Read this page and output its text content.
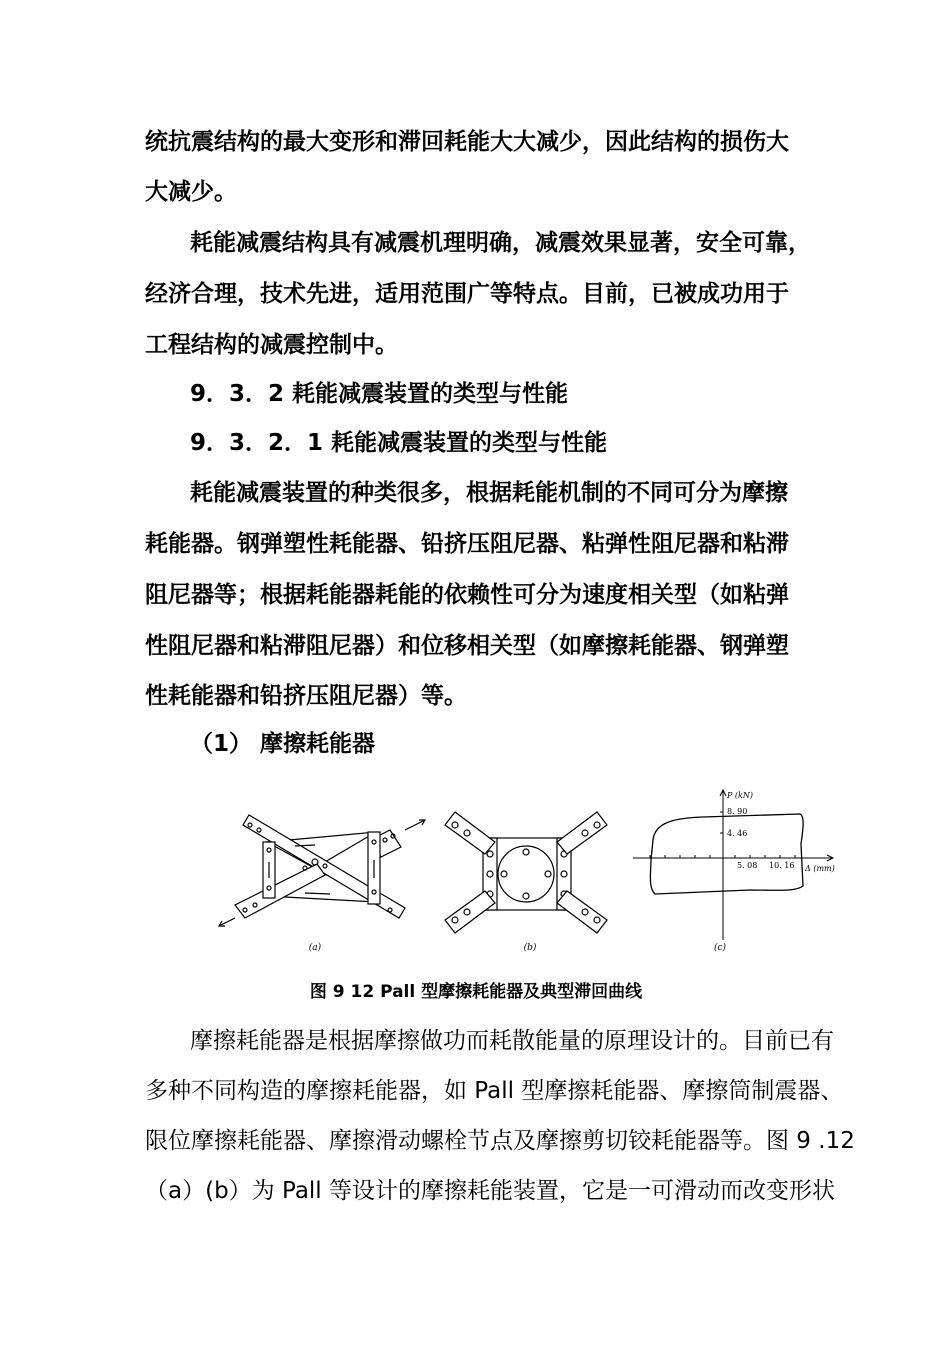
统抗震结构的最大变形和滞回耗能大大减少，因此结构的损伤大
大减少。
耗能减震结构具有减震机理明确，减震效果显著，安全可靠，
经济合理，技术先进，适用范围广等特点。目前，已被成功用于
工程结构的减震控制中。
9．3．2 耗能减震装置的类型与性能
9．3．2．1 耗能减震装置的类型与性能
耗能减震装置的种类很多，根据耗能机制的不同可分为摩擦
耗能器。钢弹塑性耗能器、铅挤压阻尼器、粘弹性阻尼器和粘滞
阻尼器等；根据耗能器耗能的依赖性可分为速度相关型（如粘弹
性阻尼器和粘滞阻尼器）和位移相关型（如摩擦耗能器、钢弹塑
性耗能器和铅挤压阻尼器）等。
（1） 摩擦耗能器
(a)	(b)
P (kN)
8. 90
4. 46
5. 08 10. 16 Δ (mm)
(c)
图 9 12 Pall 型摩擦耗能器及典型滞回曲线
摩擦耗能器是根据摩擦做功而耗散能量的原理设计的。目前已有
多种不同构造的摩擦耗能器，如 Pall 型摩擦耗能器、摩擦筒制震器、
限位摩擦耗能器、摩擦滑动螺栓节点及摩擦剪切铰耗能器等。图 9 .12
（a）(b）为 Pall 等设计的摩擦耗能装置，它是一可滑动而改变形状
